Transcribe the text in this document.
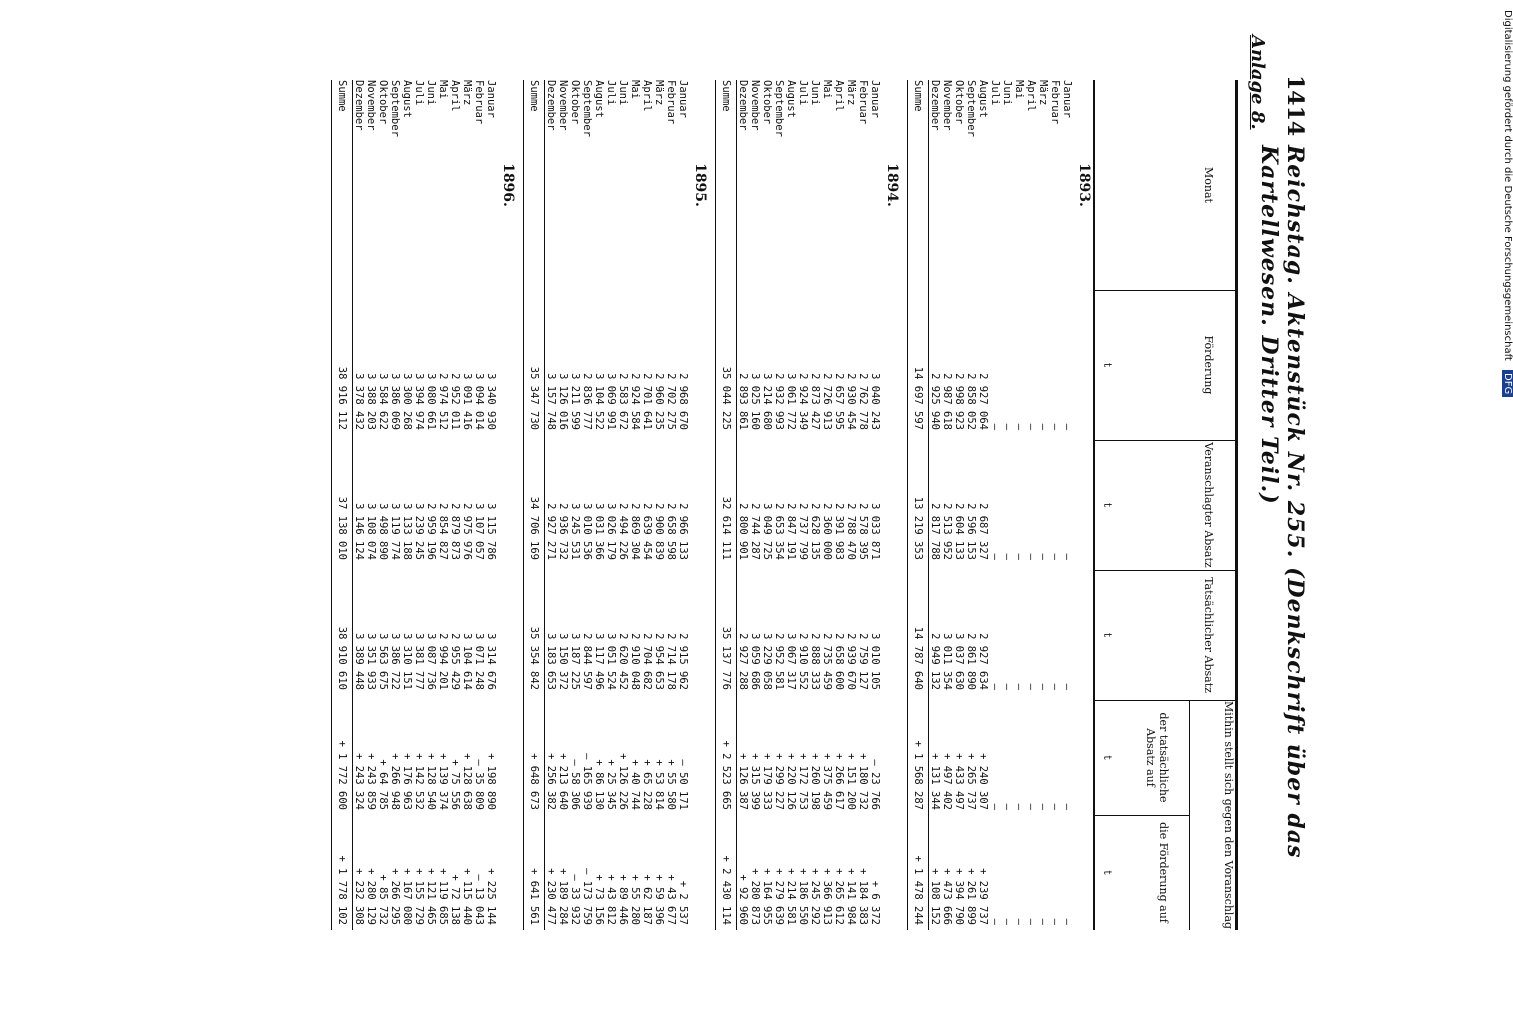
1414
Reichstag. Aktenstück Nr. 255. (Denkschrift über das Kartellwesen. Dritter Teil.)
Anlage 8.
Monat
Förderung
t
Veranschlagter Absatz
t
Tatsächlicher Absatz
t
Mithin stellt sich gegen den Voranschlag
der tatsächliche Absatz auf
t
die Förderung auf
t
1893.
Januar
—
—
—
—
—
Februar
—
—
—
—
—
März
—
—
—
—
—
April
—
—
—
—
—
Mai
—
—
—
—
—
Juni
—
—
—
—
—
Juli
—
—
—
—
—
August
2 927 064
2 687 327
2 927 634
+ 240 307
+ 239 737
September
2 858 052
2 596 153
2 861 890
+ 265 737
+ 261 899
Oktober
2 998 923
2 604 133
3 037 630
+ 433 497
+ 394 790
November
2 987 618
2 513 952
3 011 354
+ 497 402
+ 473 666
Dezember
2 925 940
2 817 788
2 949 132
+ 131 344
+ 108 152
Summe
14 697 597
13 219 353
14 787 640
+ 1 568 287
+ 1 478 244
1894.
Januar
3 040 243
3 033 871
3 010 105
— 23 766
+ 6 372
Februar
2 762 778
2 578 395
2 759 127
+ 180 732
+ 184 383
März
2 930 454
2 788 470
2 939 670
+ 151 200
+ 141 984
April
2 657 595
2 391 983
2 658 600
+ 266 617
+ 265 612
Mai
2 726 913
2 360 000
2 735 459
+ 375 459
+ 366 913
Juni
2 873 427
2 628 135
2 888 333
+ 260 198
+ 245 292
Juli
2 924 349
2 737 799
2 910 552
+ 172 753
+ 186 550
August
3 061 772
2 847 191
3 067 317
+ 220 126
+ 214 581
September
2 932 993
2 653 354
2 952 581
+ 299 227
+ 279 639
Oktober
3 214 680
3 049 725
3 229 058
+ 179 333
+ 164 955
November
3 025 160
2 744 287
3 059 686
+ 315 399
+ 280 873
Dezember
2 893 861
2 800 901
2 927 288
+ 126 387
+ 92 960
Summe
35 044 225
32 614 111
35 137 776
+ 2 523 665
+ 2 430 114
1895.
Januar
2 968 670
2 966 133
2 915 962
— 50 171
+ 2 537
Februar
2 702 275
2 658 598
2 714 178
+ 55 580
+ 43 677
März
2 960 235
2 900 839
2 954 653
+ 53 814
+ 59 396
April
2 701 641
2 639 454
2 704 682
+ 65 228
+ 62 187
Mai
2 924 584
2 869 304
2 910 048
+ 40 744
+ 55 280
Juni
2 583 672
2 494 226
2 620 452
+ 126 226
+ 89 446
Juli
3 069 991
3 026 179
3 051 524
+ 25 345
+ 43 812
August
3 104 522
3 031 366
3 117 496
+ 86 130
+ 73 156
September
2 836 777
3 010 536
2 844 597
— 165 939
— 173 759
Oktober
3 211 599
3 245 531
3 187 225
— 58 306
— 33 932
November
3 126 016
2 936 732
3 150 372
+ 213 640
+ 189 284
Dezember
3 157 748
2 927 271
3 183 653
+ 256 382
+ 230 477
Summe
35 347 730
34 706 169
35 354 842
+ 648 673
+ 641 561
1896.
Januar
3 340 930
3 115 786
3 314 676
+ 198 890
+ 225 144
Februar
3 094 014
3 107 057
3 071 248
— 35 809
— 13 043
März
3 091 416
2 975 976
3 104 614
+ 128 638
+ 115 440
April
2 952 011
2 879 873
2 955 429
+ 75 556
+ 72 138
Mai
2 974 512
2 854 827
2 994 201
+ 139 374
+ 119 685
Juni
3 080 661
2 959 196
3 087 736
+ 128 540
+ 121 465
Juli
3 394 974
3 239 245
3 381 777
+ 142 532
+ 155 729
August
3 300 268
3 133 188
3 310 151
+ 176 963
+ 167 080
September
3 386 069
3 119 774
3 386 722
+ 266 948
+ 266 295
Oktober
3 584 622
3 498 890
3 563 675
+ 64 785
+ 85 732
November
3 388 203
3 108 074
3 351 933
+ 243 859
+ 280 129
Dezember
3 378 432
3 146 124
3 389 448
+ 243 324
+ 232 308
Summe
38 916 112
37 138 010
38 910 610
+ 1 772 600
+ 1 778 102
Digitalisierung gefördert durch die Deutsche Forschungsgemeinschaft DFG
